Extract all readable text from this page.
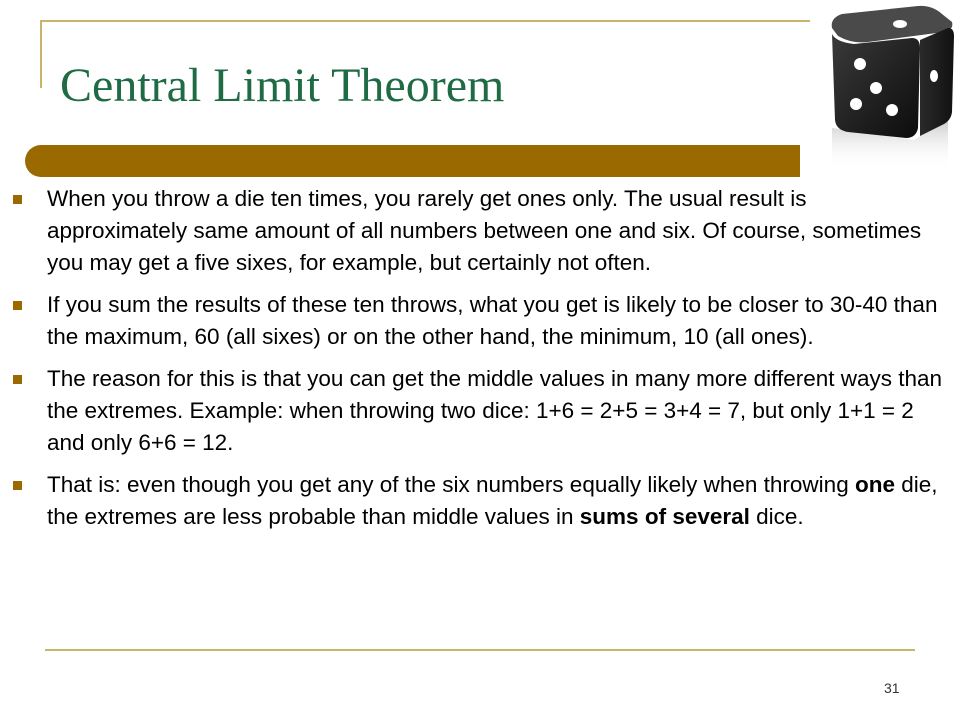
Central Limit Theorem
When you throw a die ten times, you rarely get ones only. The usual result is approximately same amount of all numbers between one and six. Of course, sometimes you may get a five sixes, for example, but certainly not often.
If you sum the results of these ten throws, what you get is likely to be closer to 30-40 than the maximum, 60 (all sixes) or on the other hand, the minimum, 10 (all ones).
The reason for this is that you can get the middle values in many more different ways than the extremes. Example: when throwing two dice: 1+6 = 2+5 = 3+4 = 7, but only 1+1 = 2 and only 6+6 = 12.
That is: even though you get any of the six numbers equally likely when throwing one die, the extremes are less probable than middle values in sums of several dice.
31
